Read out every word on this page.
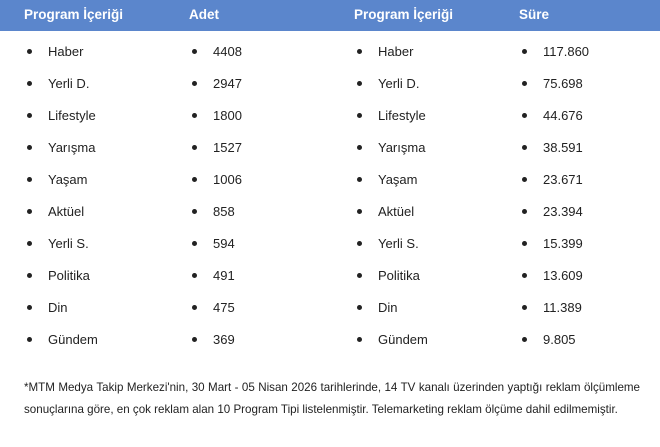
Program İçeriği	Adet	Program İçeriği	Süre
Haber	4408	Haber	117.860
Yerli D.	2947	Yerli D.	75.698
Lifestyle	1800	Lifestyle	44.676
Yarışma	1527	Yarışma	38.591
Yaşam	1006	Yaşam	23.671
Aktüel	858	Aktüel	23.394
Yerli S.	594	Yerli S.	15.399
Politika	491	Politika	13.609
Din	475	Din	11.389
Gündem	369	Gündem	9.805
*MTM Medya Takip Merkezi'nin, 30 Mart - 05 Nisan 2026 tarihlerinde, 14 TV kanalı üzerinden yaptığı reklam ölçümleme sonuçlarına göre, en çok reklam alan 10 Program Tipi listelenmiştir. Telemarketing reklam ölçüme dahil edilmemiştir.
